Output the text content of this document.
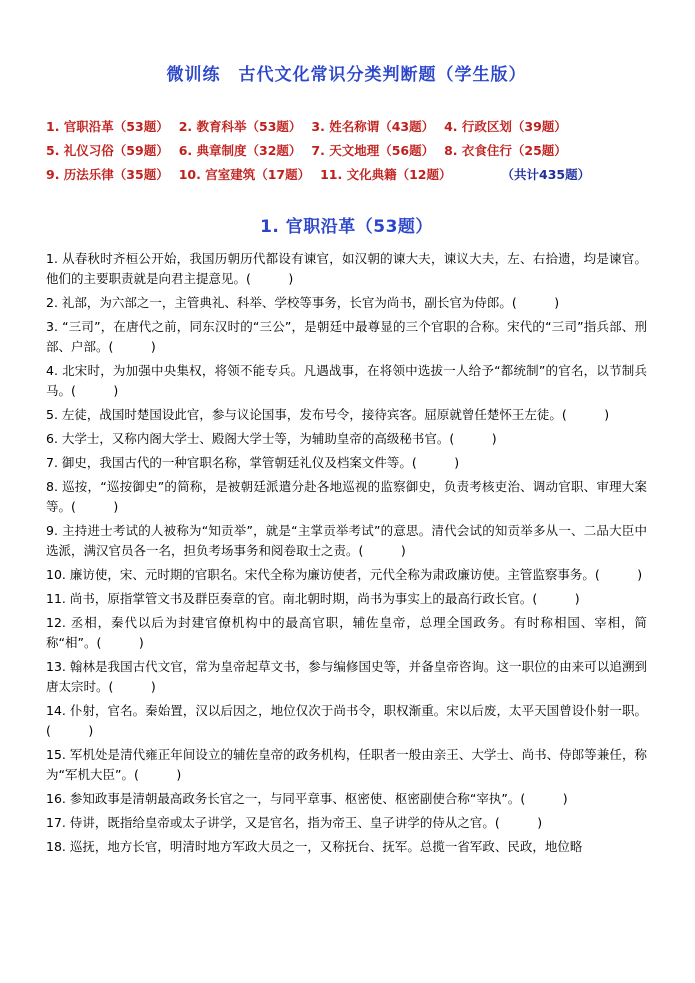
微训练　古代文化常识分类判断题（学生版）
1. 官职沿革（53题） 2. 教育科举（53题） 3. 姓名称谓（43题） 4. 行政区划（39题）
5. 礼仪习俗（59题） 6. 典章制度（32题） 7. 天文地理（56题） 8. 衣食住行（25题）
9. 历法乐律（35题） 10. 宫室建筑（17题） 11. 文化典籍（12题）	（共计435题）
1. 官职沿革（53题）

1. 从春秋时齐桓公开始，我国历朝历代都设有谏官，如汉朝的谏大夫，谏议大夫，左、右拾遗，均是谏官。他们的主要职责就是向君主提意见。(　　　)

2. 礼部，为六部之一，主管典礼、科举、学校等事务，长官为尚书，副长官为侍郎。(　　　)

3. “三司”，在唐代之前，同东汉时的“三公”，是朝廷中最尊显的三个官职的合称。宋代的“三司”指兵部、刑部、户部。(　　　)

4. 北宋时，为加强中央集权，将领不能专兵。凡遇战事，在将领中选拔一人给予“都统制”的官名，以节制兵马。(　　　)

5. 左徒，战国时楚国设此官，参与议论国事，发布号令，接待宾客。屈原就曾任楚怀王左徒。(　　　)

6. 大学士，又称内阁大学士、殿阁大学士等，为辅助皇帝的高级秘书官。(　　　)

7. 御史，我国古代的一种官职名称，掌管朝廷礼仪及档案文件等。(　　　)

8. 巡按，“巡按御史”的简称，是被朝廷派遣分赴各地巡视的监察御史，负责考核吏治、调动官职、审理大案等。(　　　)

9. 主持进士考试的人被称为“知贡举”，就是“主掌贡举考试”的意思。清代会试的知贡举多从一、二品大臣中选派，满汉官员各一名，担负考场事务和阅卷取士之责。(　　　)

10. 廉访使，宋、元时期的官职名。宋代全称为廉访使者，元代全称为肃政廉访使。主管监察事务。(　　　)

11. 尚书，原指掌管文书及群臣奏章的官。南北朝时期，尚书为事实上的最高行政长官。(　　　)

12. 丞相，秦代以后为封建官僚机构中的最高官职，辅佐皇帝，总理全国政务。有时称相国、宰相，简称“相”。(　　　)

13. 翰林是我国古代文官，常为皇帝起草文书，参与编修国史等，并备皇帝咨询。这一职位的由来可以追溯到唐太宗时。(　　　)

14. 仆射，官名。秦始置，汉以后因之，地位仅次于尚书令，职权渐重。宋以后废，太平天国曾设仆射一职。(　　　)

15. 军机处是清代雍正年间设立的辅佐皇帝的政务机构，任职者一般由亲王、大学士、尚书、侍郎等兼任，称为“军机大臣”。(　　　)

16. 参知政事是清朝最高政务长官之一，与同平章事、枢密使、枢密副使合称“宰执”。(　　　)

17. 侍讲，既指给皇帝或太子讲学，又是官名，指为帝王、皇子讲学的侍从之官。(　　　)

18. 巡抚，地方长官，明清时地方军政大员之一，又称抚台、抚军。总揽一省军政、民政，地位略
